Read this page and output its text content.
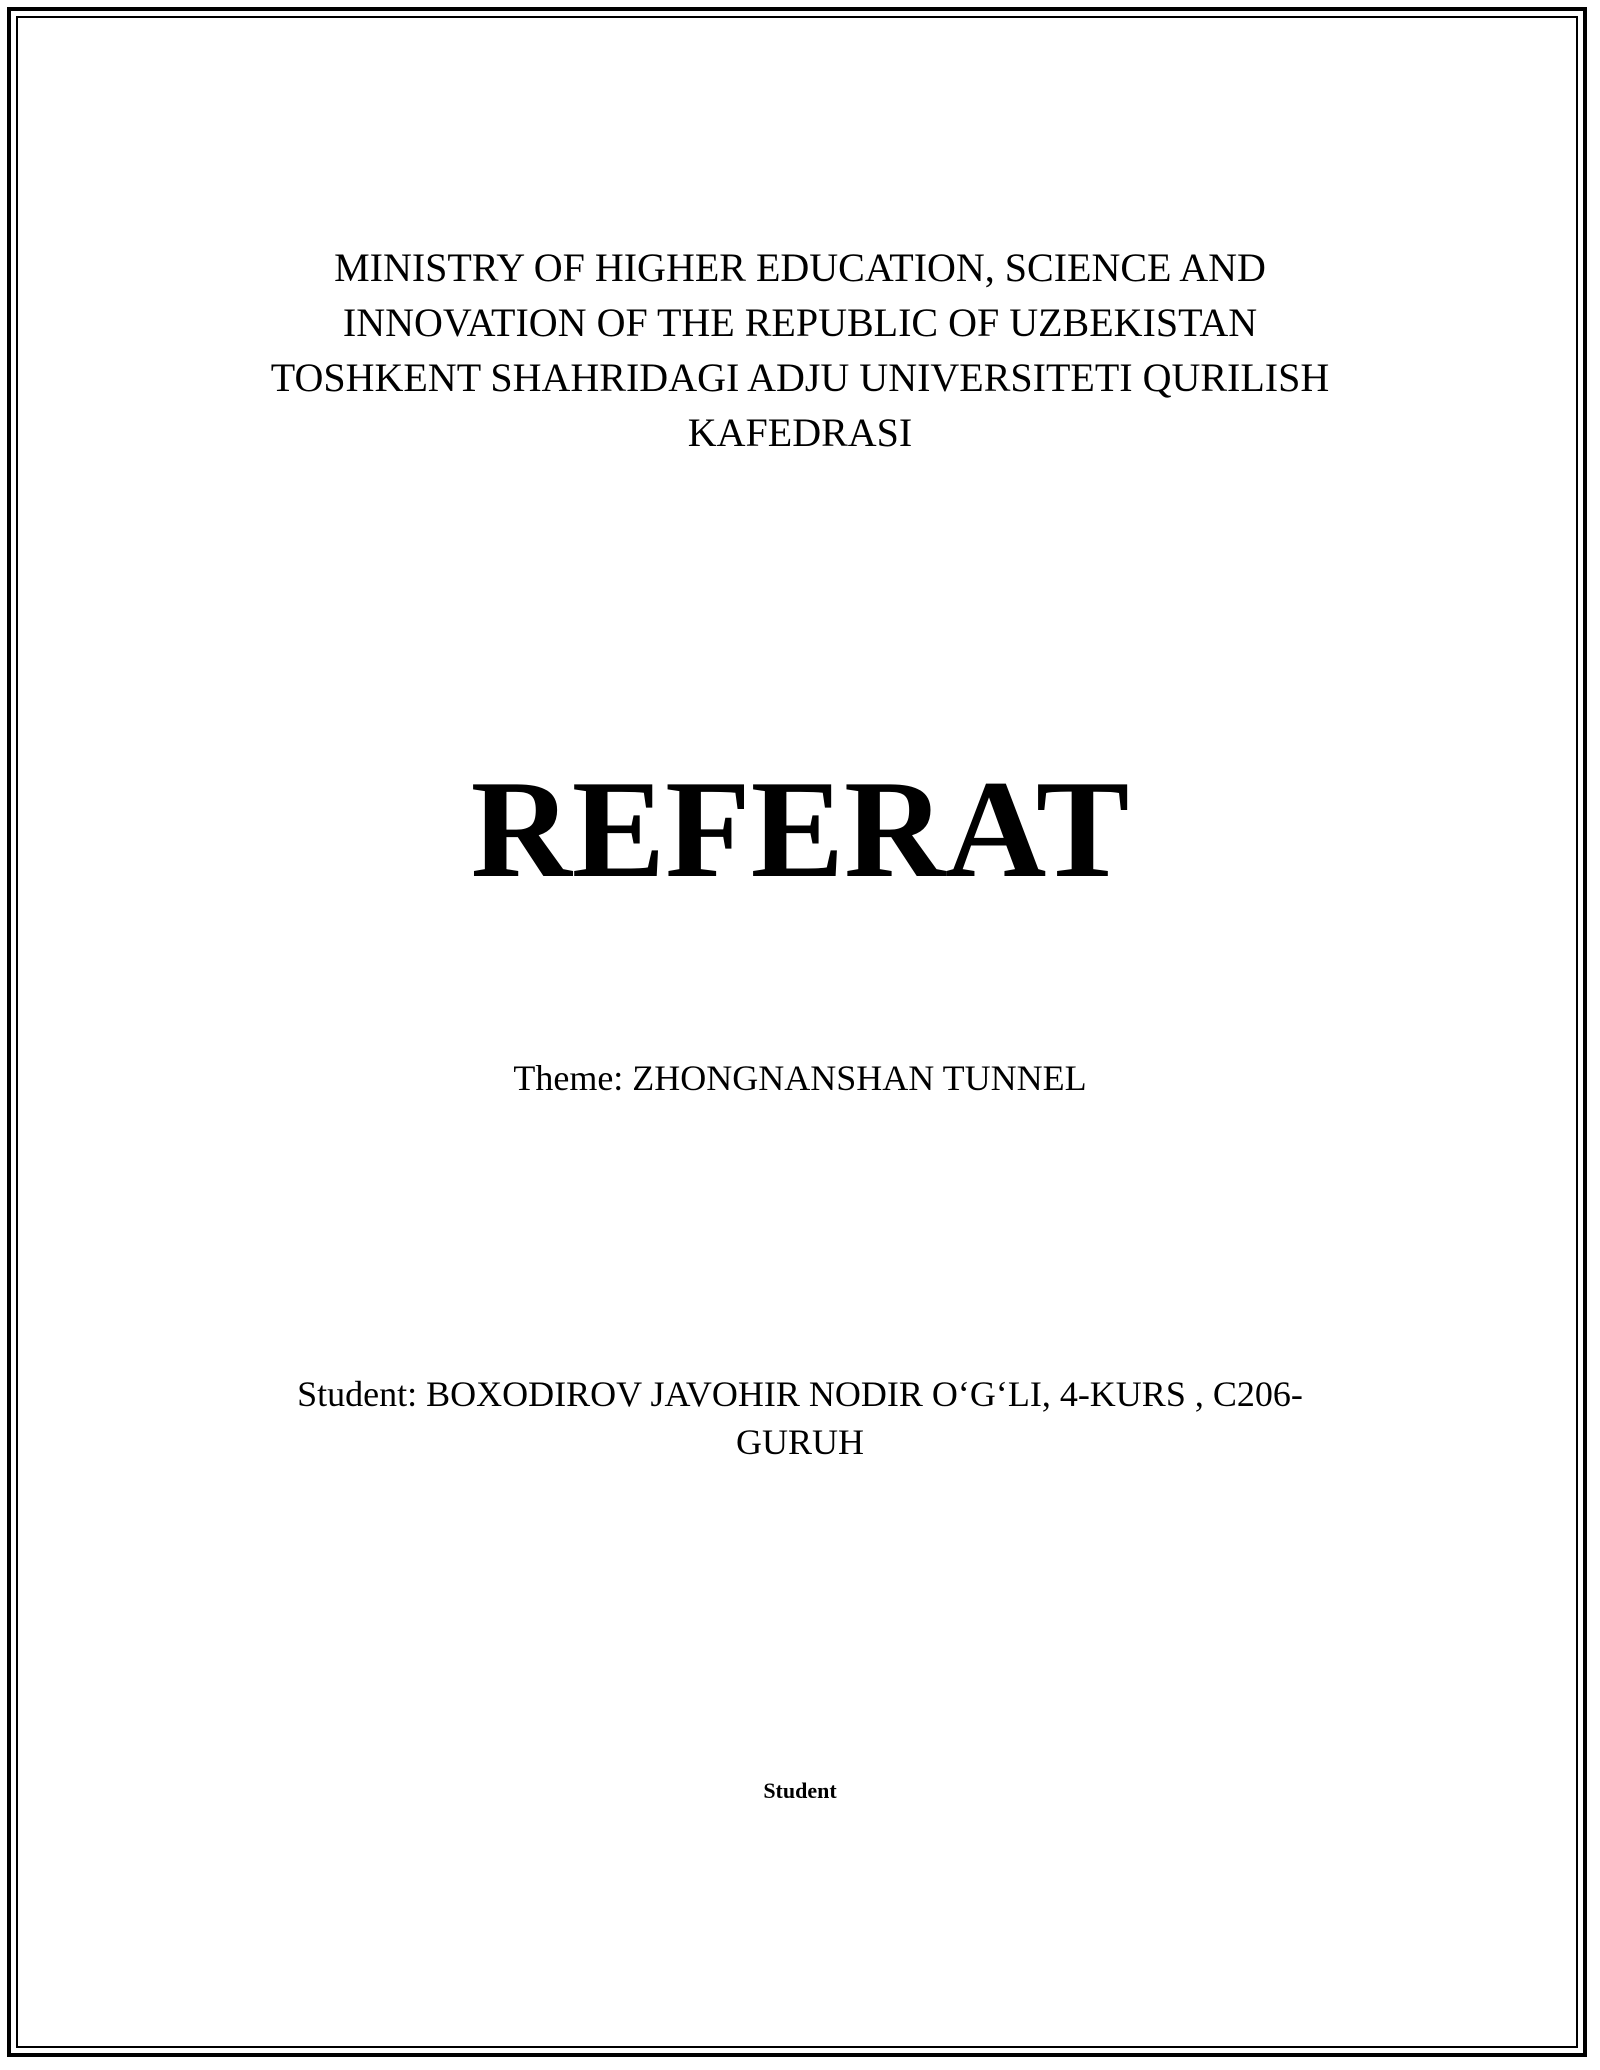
MINISTRY OF HIGHER EDUCATION, SCIENCE AND
INNOVATION OF THE REPUBLIC OF UZBEKISTAN
TOSHKENT SHAHRIDAGI ADJU UNIVERSITETI QURILISH
KAFEDRASI
REFERAT
Theme: ZHONGNANSHAN TUNNEL
Student: BOXODIROV JAVOHIR NODIR O‘G‘LI, 4-KURS , C206-
GURUH
Student
